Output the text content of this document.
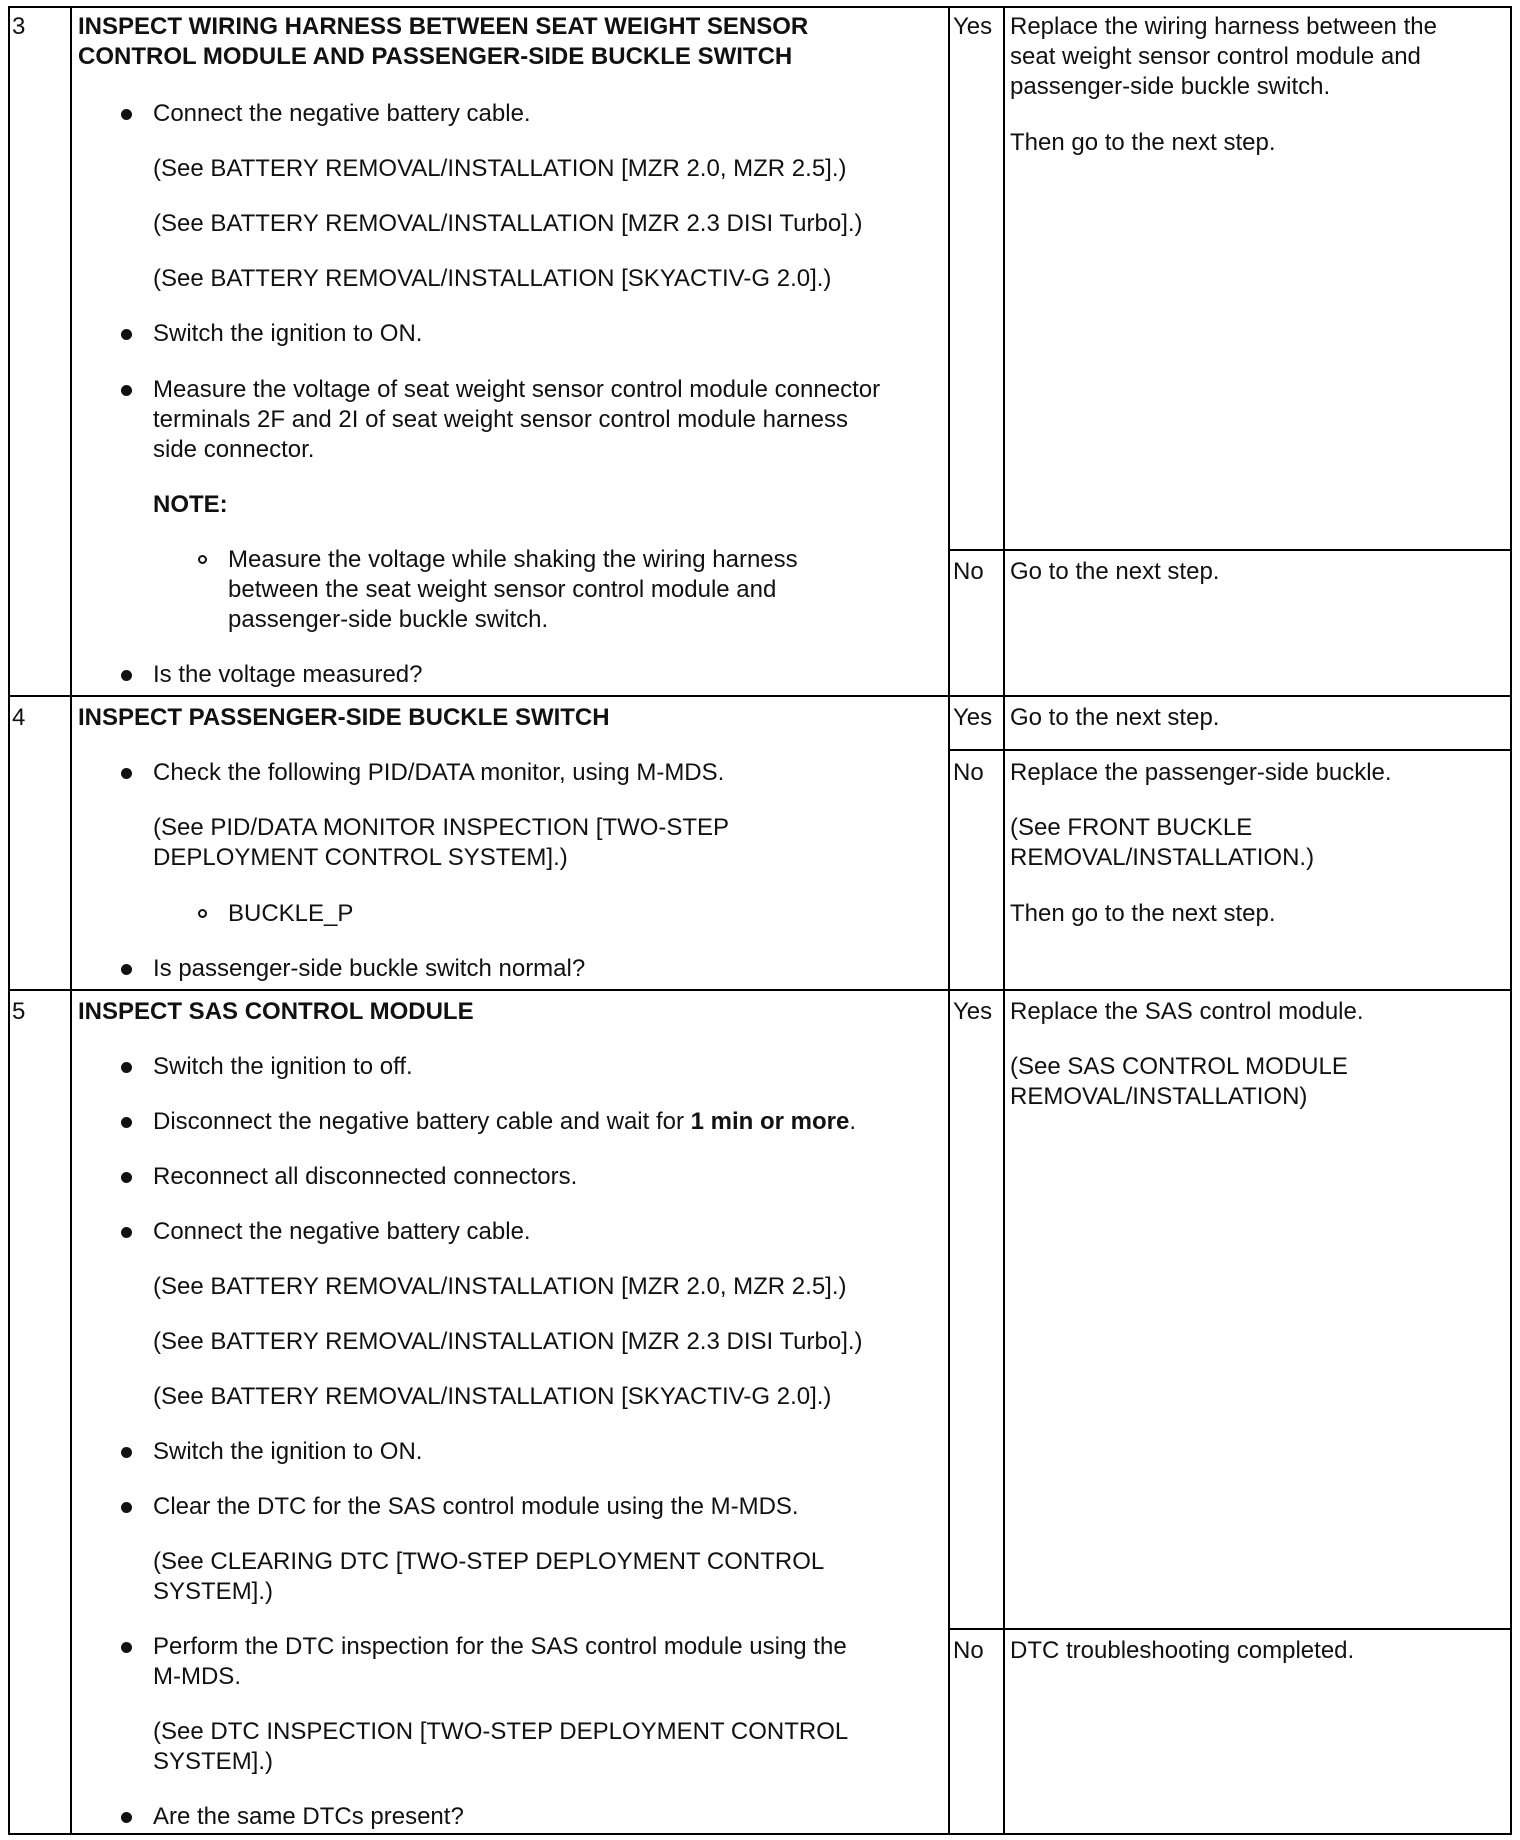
3 INSPECT WIRING HARNESS BETWEEN SEAT WEIGHT SENSOR
CONTROL MODULE AND PASSENGER-SIDE BUCKLE SWITCH
Connect the negative battery cable.
(See BATTERY REMOVAL/INSTALLATION [MZR 2.0, MZR 2.5].)
(See BATTERY REMOVAL/INSTALLATION [MZR 2.3 DISI Turbo].)
(See BATTERY REMOVAL/INSTALLATION [SKYACTIV-G 2.0].)
Switch the ignition to ON.
Measure the voltage of seat weight sensor control module connector
terminals 2F and 2I of seat weight sensor control module harness
side connector.
NOTE:
Measure the voltage while shaking the wiring harness
between the seat weight sensor control module and
passenger-side buckle switch.
Is the voltage measured?
Yes Replace the wiring harness between the
seat weight sensor control module and
passenger-side buckle switch.
Then go to the next step.
No Go to the next step.
4 INSPECT PASSENGER-SIDE BUCKLE SWITCH
Check the following PID/DATA monitor, using M-MDS.
(See PID/DATA MONITOR INSPECTION [TWO-STEP
DEPLOYMENT CONTROL SYSTEM].)
BUCKLE_P
Is passenger-side buckle switch normal?
Yes Go to the next step.
No Replace the passenger-side buckle.
(See FRONT BUCKLE
REMOVAL/INSTALLATION.)
Then go to the next step.
5 INSPECT SAS CONTROL MODULE
Switch the ignition to off.
Disconnect the negative battery cable and wait for 1 min or more.
Reconnect all disconnected connectors.
Connect the negative battery cable.
(See BATTERY REMOVAL/INSTALLATION [MZR 2.0, MZR 2.5].)
(See BATTERY REMOVAL/INSTALLATION [MZR 2.3 DISI Turbo].)
(See BATTERY REMOVAL/INSTALLATION [SKYACTIV-G 2.0].)
Switch the ignition to ON.
Clear the DTC for the SAS control module using the M-MDS.
(See CLEARING DTC [TWO-STEP DEPLOYMENT CONTROL
SYSTEM].)
Perform the DTC inspection for the SAS control module using the
M-MDS.
(See DTC INSPECTION [TWO-STEP DEPLOYMENT CONTROL
SYSTEM].)
Are the same DTCs present?
Yes Replace the SAS control module.
(See SAS CONTROL MODULE
REMOVAL/INSTALLATION)
No DTC troubleshooting completed.
